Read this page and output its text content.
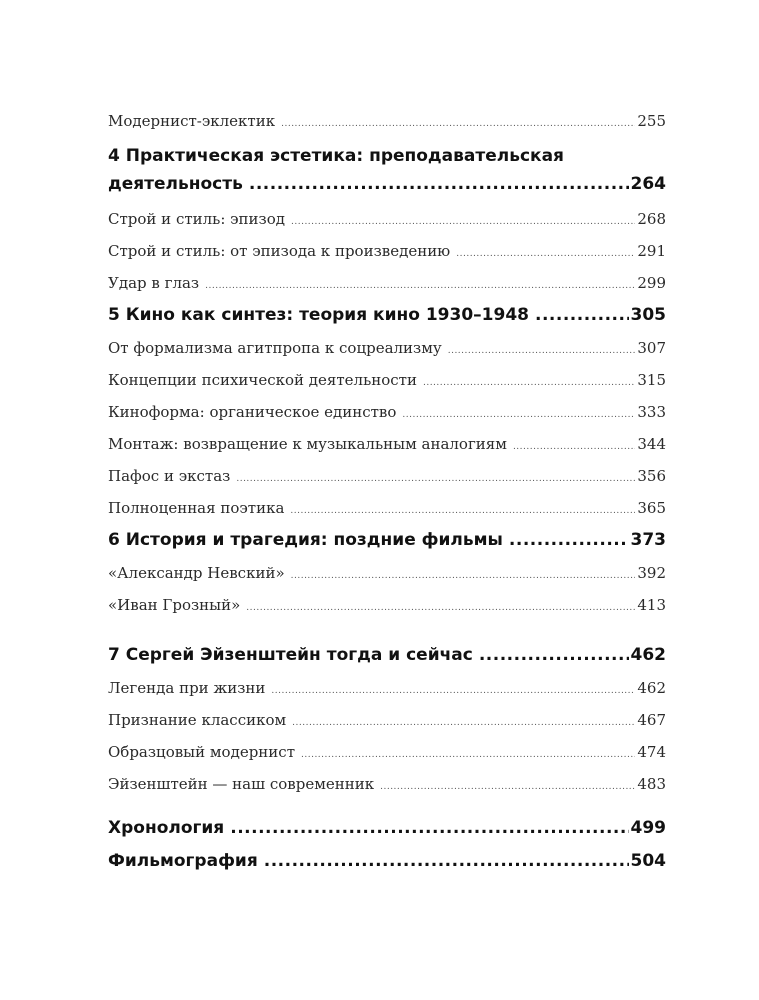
Модернист-эклектик .....	255
4 Практическая эстетика: преподавательская
деятельность .....	264
Строй и стиль: эпизод .....	268
Строй и стиль: от эпизода к произведению .....	291
Удар в глаз .....	299
5 Кино как синтез: теория кино 1930–1948 .....	305
От формализма агитпропа к соцреализму .....	307
Концепции психической деятельности .....	315
Киноформа: органическое единство .....	333
Монтаж: возвращение к музыкальным аналогиям .....	344
Пафос и экстаз .....	356
Полноценная поэтика .....	365
6 История и трагедия: поздние фильмы .....	373
«Александр Невский» .....	392
«Иван Грозный» .....	413
7 Сергей Эйзенштейн тогда и сейчас .....	462
Легенда при жизни .....	462
Признание классиком .....	467
Образцовый модернист .....	474
Эйзенштейн — наш современник .....	483
Хронология .....	499
Фильмография .....	504
